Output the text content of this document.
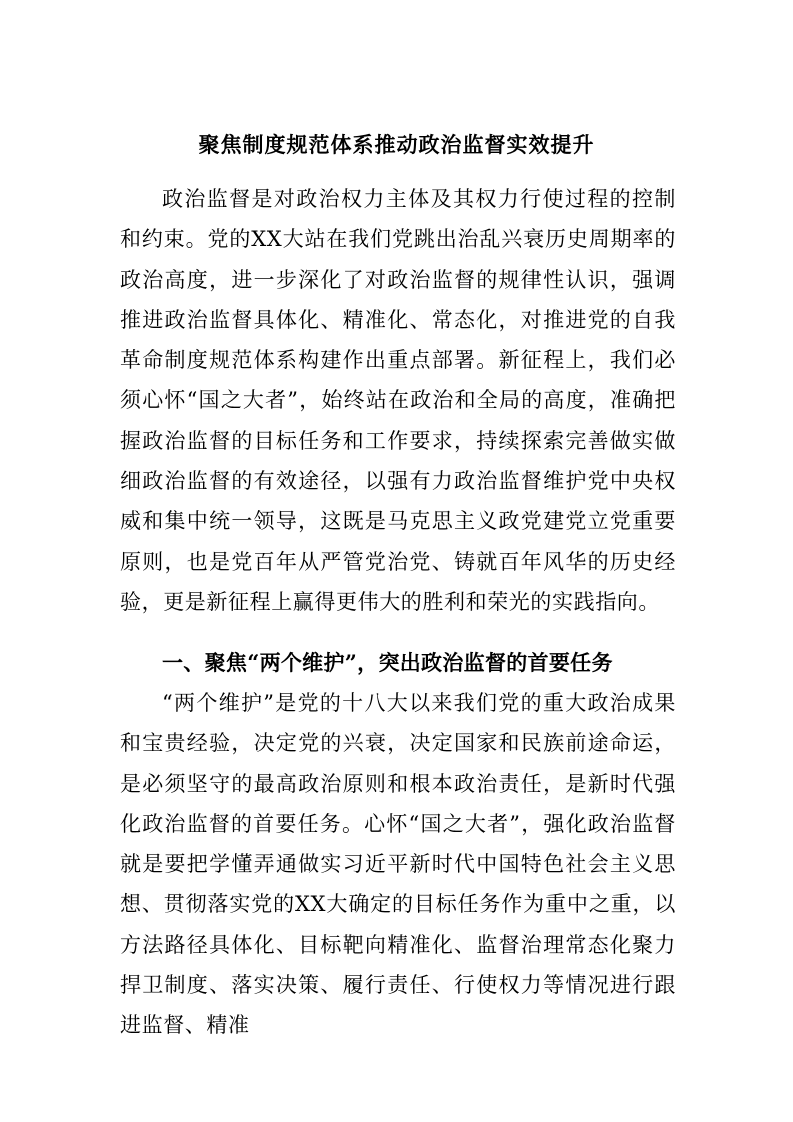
聚焦制度规范体系推动政治监督实效提升
政治监督是对政治权力主体及其权力行使过程的控制和约束。党的XX大站在我们党跳出治乱兴衰历史周期率的政治高度，进一步深化了对政治监督的规律性认识，强调推进政治监督具体化、精准化、常态化，对推进党的自我革命制度规范体系构建作出重点部署。新征程上，我们必须心怀“国之大者”，始终站在政治和全局的高度，准确把握政治监督的目标任务和工作要求，持续探索完善做实做细政治监督的有效途径，以强有力政治监督维护党中央权威和集中统一领导，这既是马克思主义政党建党立党重要原则，也是党百年从严管党治党、铸就百年风华的历史经验，更是新征程上赢得更伟大的胜利和荣光的实践指向。
一、聚焦“两个维护”，突出政治监督的首要任务
“两个维护”是党的十八大以来我们党的重大政治成果和宝贵经验，决定党的兴衰，决定国家和民族前途命运，是必须坚守的最高政治原则和根本政治责任，是新时代强化政治监督的首要任务。心怀“国之大者”，强化政治监督就是要把学懂弄通做实习近平新时代中国特色社会主义思想、贯彻落实党的XX大确定的目标任务作为重中之重，以方法路径具体化、目标靶向精准化、监督治理常态化聚力捍卫制度、落实决策、履行责任、行使权力等情况进行跟进监督、精准
